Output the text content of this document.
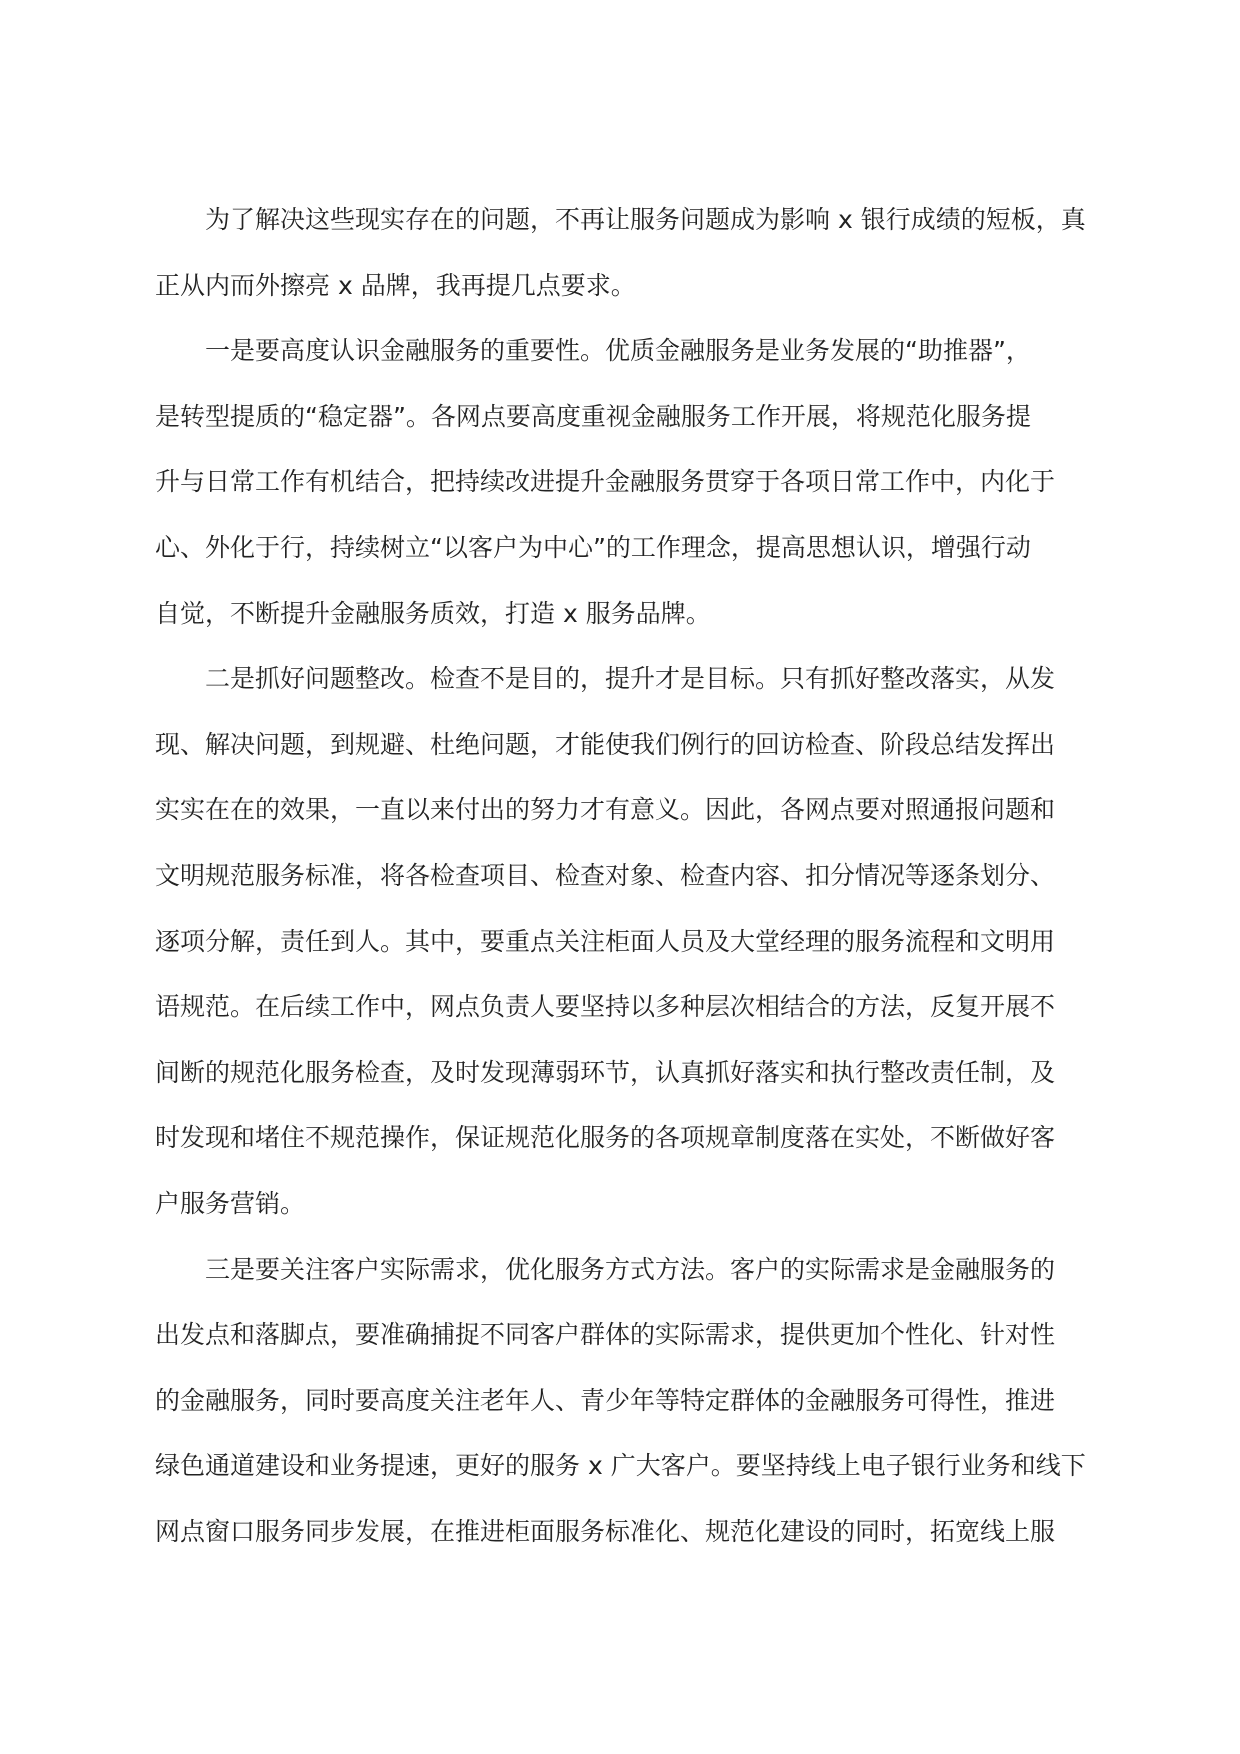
为了解决这些现实存在的问题，不再让服务问题成为影响 x 银行成绩的短板，真
正从内而外擦亮 x 品牌，我再提几点要求。
一是要高度认识金融服务的重要性。优质金融服务是业务发展的“助推器”，
是转型提质的“稳定器”。各网点要高度重视金融服务工作开展，将规范化服务提
升与日常工作有机结合，把持续改进提升金融服务贯穿于各项日常工作中，内化于
心、外化于行，持续树立“以客户为中心”的工作理念，提高思想认识，增强行动
自觉，不断提升金融服务质效，打造 x 服务品牌。
二是抓好问题整改。检查不是目的，提升才是目标。只有抓好整改落实，从发
现、解决问题，到规避、杜绝问题，才能使我们例行的回访检查、阶段总结发挥出
实实在在的效果，一直以来付出的努力才有意义。因此，各网点要对照通报问题和
文明规范服务标准，将各检查项目、检查对象、检查内容、扣分情况等逐条划分、
逐项分解，责任到人。其中，要重点关注柜面人员及大堂经理的服务流程和文明用
语规范。在后续工作中，网点负责人要坚持以多种层次相结合的方法，反复开展不
间断的规范化服务检查，及时发现薄弱环节，认真抓好落实和执行整改责任制，及
时发现和堵住不规范操作，保证规范化服务的各项规章制度落在实处，不断做好客
户服务营销。
三是要关注客户实际需求，优化服务方式方法。客户的实际需求是金融服务的
出发点和落脚点，要准确捕捉不同客户群体的实际需求，提供更加个性化、针对性
的金融服务，同时要高度关注老年人、青少年等特定群体的金融服务可得性，推进
绿色通道建设和业务提速，更好的服务 x 广大客户。要坚持线上电子银行业务和线下
网点窗口服务同步发展，在推进柜面服务标准化、规范化建设的同时，拓宽线上服
